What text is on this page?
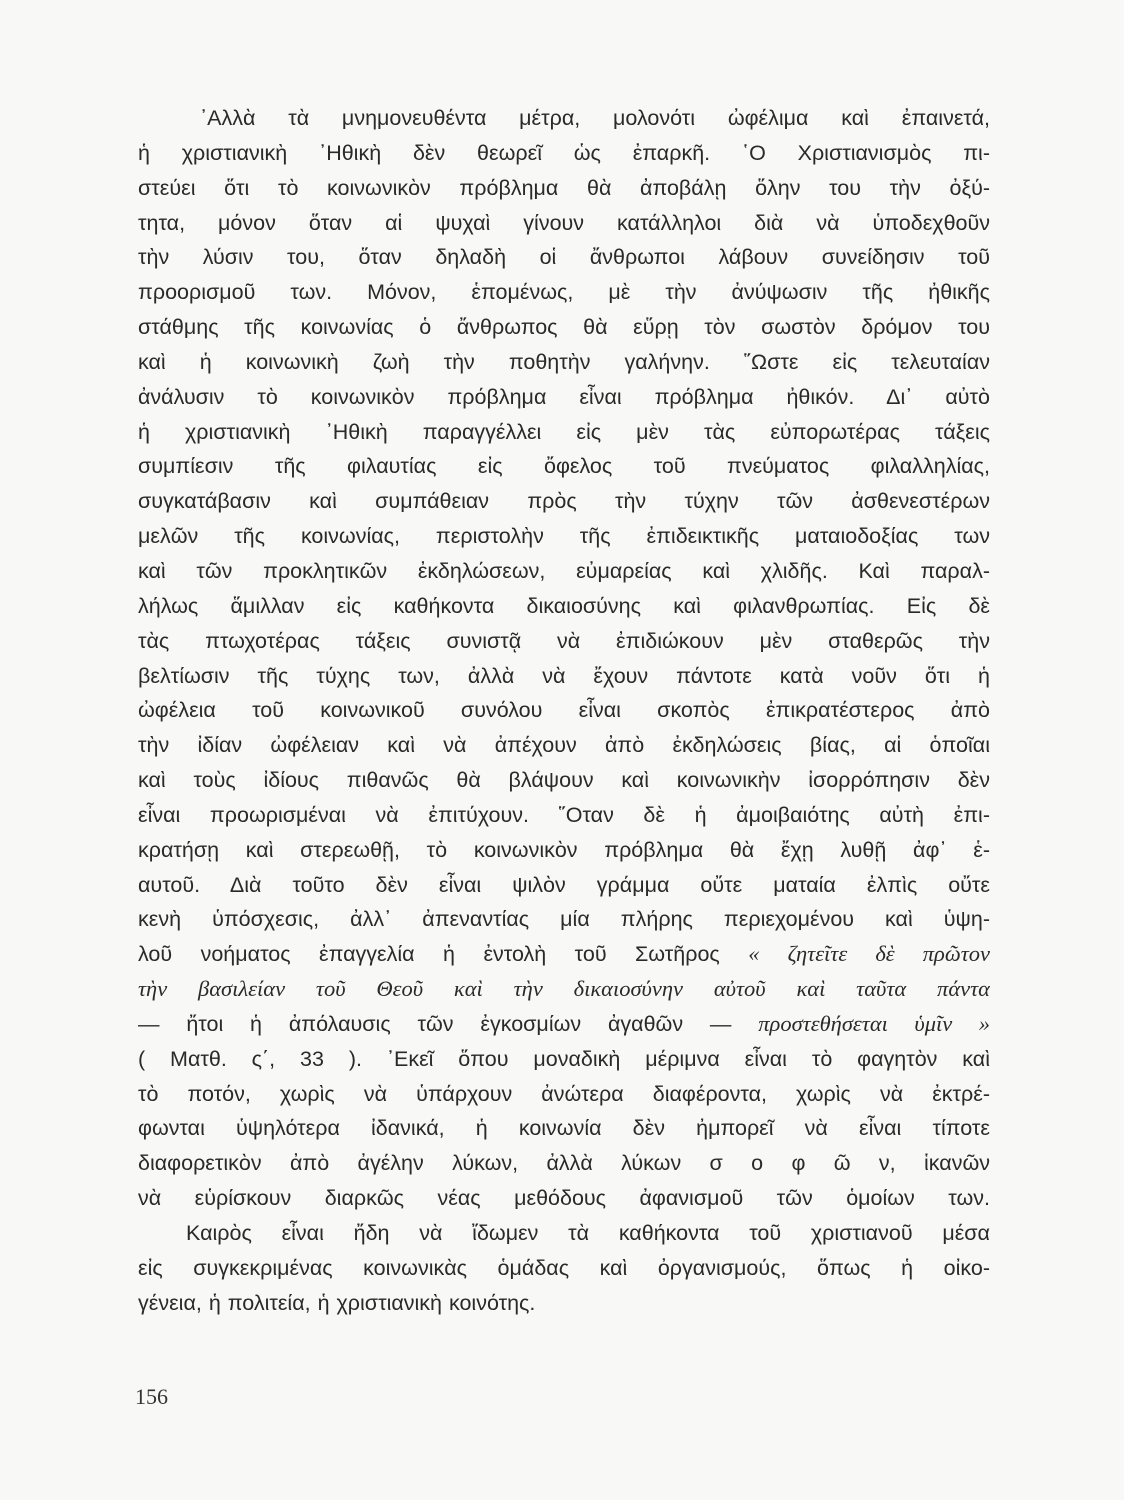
᾿Αλλὰ τὰ μνημονευθέντα μέτρα, μολονότι ὠφέλιμα καὶ ἐπαινετά,
ἡ χριστιανικὴ ᾿Ηθικὴ δὲν θεωρεῖ ὡς ἐπαρκῆ. ῾Ο Χριστιανισμὸς πι-
στεύει ὅτι τὸ κοινωνικὸν πρόβλημα θὰ ἀποβάλῃ ὅλην του τὴν ὀξύ-
τητα, μόνον ὅταν αἱ ψυχαὶ γίνουν κατάλληλοι διὰ νὰ ὑποδεχθοῦν
τὴν λύσιν του, ὅταν δηλαδὴ οἱ ἄνθρωποι λάβουν συνείδησιν τοῦ
προορισμοῦ των. Μόνον, ἑπομένως, μὲ τὴν ἀνύψωσιν τῆς ἠθικῆς
στάθμης τῆς κοινωνίας ὁ ἄνθρωπος θὰ εὕρῃ τὸν σωστὸν δρόμον του
καὶ ἡ κοινωνικὴ ζωὴ τὴν ποθητὴν γαλήνην. ῞Ωστε εἰς τελευταίαν
ἀνάλυσιν τὸ κοινωνικὸν πρόβλημα εἶναι πρόβλημα ἠθικόν. Δι᾿ αὐτὸ
ἡ χριστιανικὴ ᾿Ηθικὴ παραγγέλλει εἰς μὲν τὰς εὐπορωτέρας τάξεις
συμπίεσιν τῆς φιλαυτίας εἰς ὄφελος τοῦ πνεύματος φιλαλληλίας,
συγκατάβασιν καὶ συμπάθειαν πρὸς τὴν τύχην τῶν ἀσθενεστέρων
μελῶν τῆς κοινωνίας, περιστολὴν τῆς ἐπιδεικτικῆς ματαιοδοξίας των
καὶ τῶν προκλητικῶν ἐκδηλώσεων, εὐμαρείας καὶ χλιδῆς. Καὶ παραλ-
λήλως ἅμιλλαν εἰς καθήκοντα δικαιοσύνης καὶ φιλανθρωπίας. Εἰς δὲ
τὰς πτωχοτέρας τάξεις συνιστᾷ νὰ ἐπιδιώκουν μὲν σταθερῶς τὴν
βελτίωσιν τῆς τύχης των, ἀλλὰ νὰ ἔχουν πάντοτε κατὰ νοῦν ὅτι ἡ
ὠφέλεια τοῦ κοινωνικοῦ συνόλου εἶναι σκοπὸς ἐπικρατέστερος ἀπὸ
τὴν ἰδίαν ὠφέλειαν καὶ νὰ ἀπέχουν ἀπὸ ἐκδηλώσεις βίας, αἱ ὁποῖαι
καὶ τοὺς ἰδίους πιθανῶς θὰ βλάψουν καὶ κοινωνικὴν ἰσορρόπησιν δὲν
εἶναι προωρισμέναι νὰ ἐπιτύχουν. ῞Οταν δὲ ἡ ἀμοιβαιότης αὐτὴ ἐπι-
κρατήσῃ καὶ στερεωθῇ, τὸ κοινωνικὸν πρόβλημα θὰ ἔχῃ λυθῇ ἀφ᾿ ἑ-
αυτοῦ. Διὰ τοῦτο δὲν εἶναι ψιλὸν γράμμα οὔτε ματαία ἐλπὶς οὔτε
κενὴ ὑπόσχεσις, ἀλλ᾿ ἀπεναντίας μία πλήρης περιεχομένου καὶ ὑψη-
λοῦ νοήματος ἐπαγγελία ἡ ἐντολὴ τοῦ Σωτῆρος « ζητεῖτε δὲ πρῶτον
τὴν βασιλείαν τοῦ Θεοῦ καὶ τὴν δικαιοσύνην αὐτοῦ καὶ ταῦτα πάντα
— ἤτοι ἡ ἀπόλαυσις τῶν ἐγκοσμίων ἀγαθῶν — προστεθήσεται ὑμῖν »
( Ματθ. ς΄, 33 ). ᾿Εκεῖ ὅπου μοναδικὴ μέριμνα εἶναι τὸ φαγητὸν καὶ
τὸ ποτόν, χωρὶς νὰ ὑπάρχουν ἀνώτερα διαφέροντα, χωρὶς νὰ ἐκτρέ-
φωνται ὑψηλότερα ἰδανικά, ἡ κοινωνία δὲν ἠμπορεῖ νὰ εἶναι τίποτε
διαφορετικὸν ἀπὸ ἀγέλην λύκων, ἀλλὰ λύκων σ ο φ ῶ ν, ἱκανῶν
νὰ εὑρίσκουν διαρκῶς νέας μεθόδους ἀφανισμοῦ τῶν ὁμοίων των.
Καιρὸς εἶναι ἤδη νὰ ἴδωμεν τὰ καθήκοντα τοῦ χριστιανοῦ μέσα
εἰς συγκεκριμένας κοινωνικὰς ὁμάδας καὶ ὀργανισμούς, ὅπως ἡ οἰκο-
γένεια, ἡ πολιτεία, ἡ χριστιανικὴ κοινότης.
156
